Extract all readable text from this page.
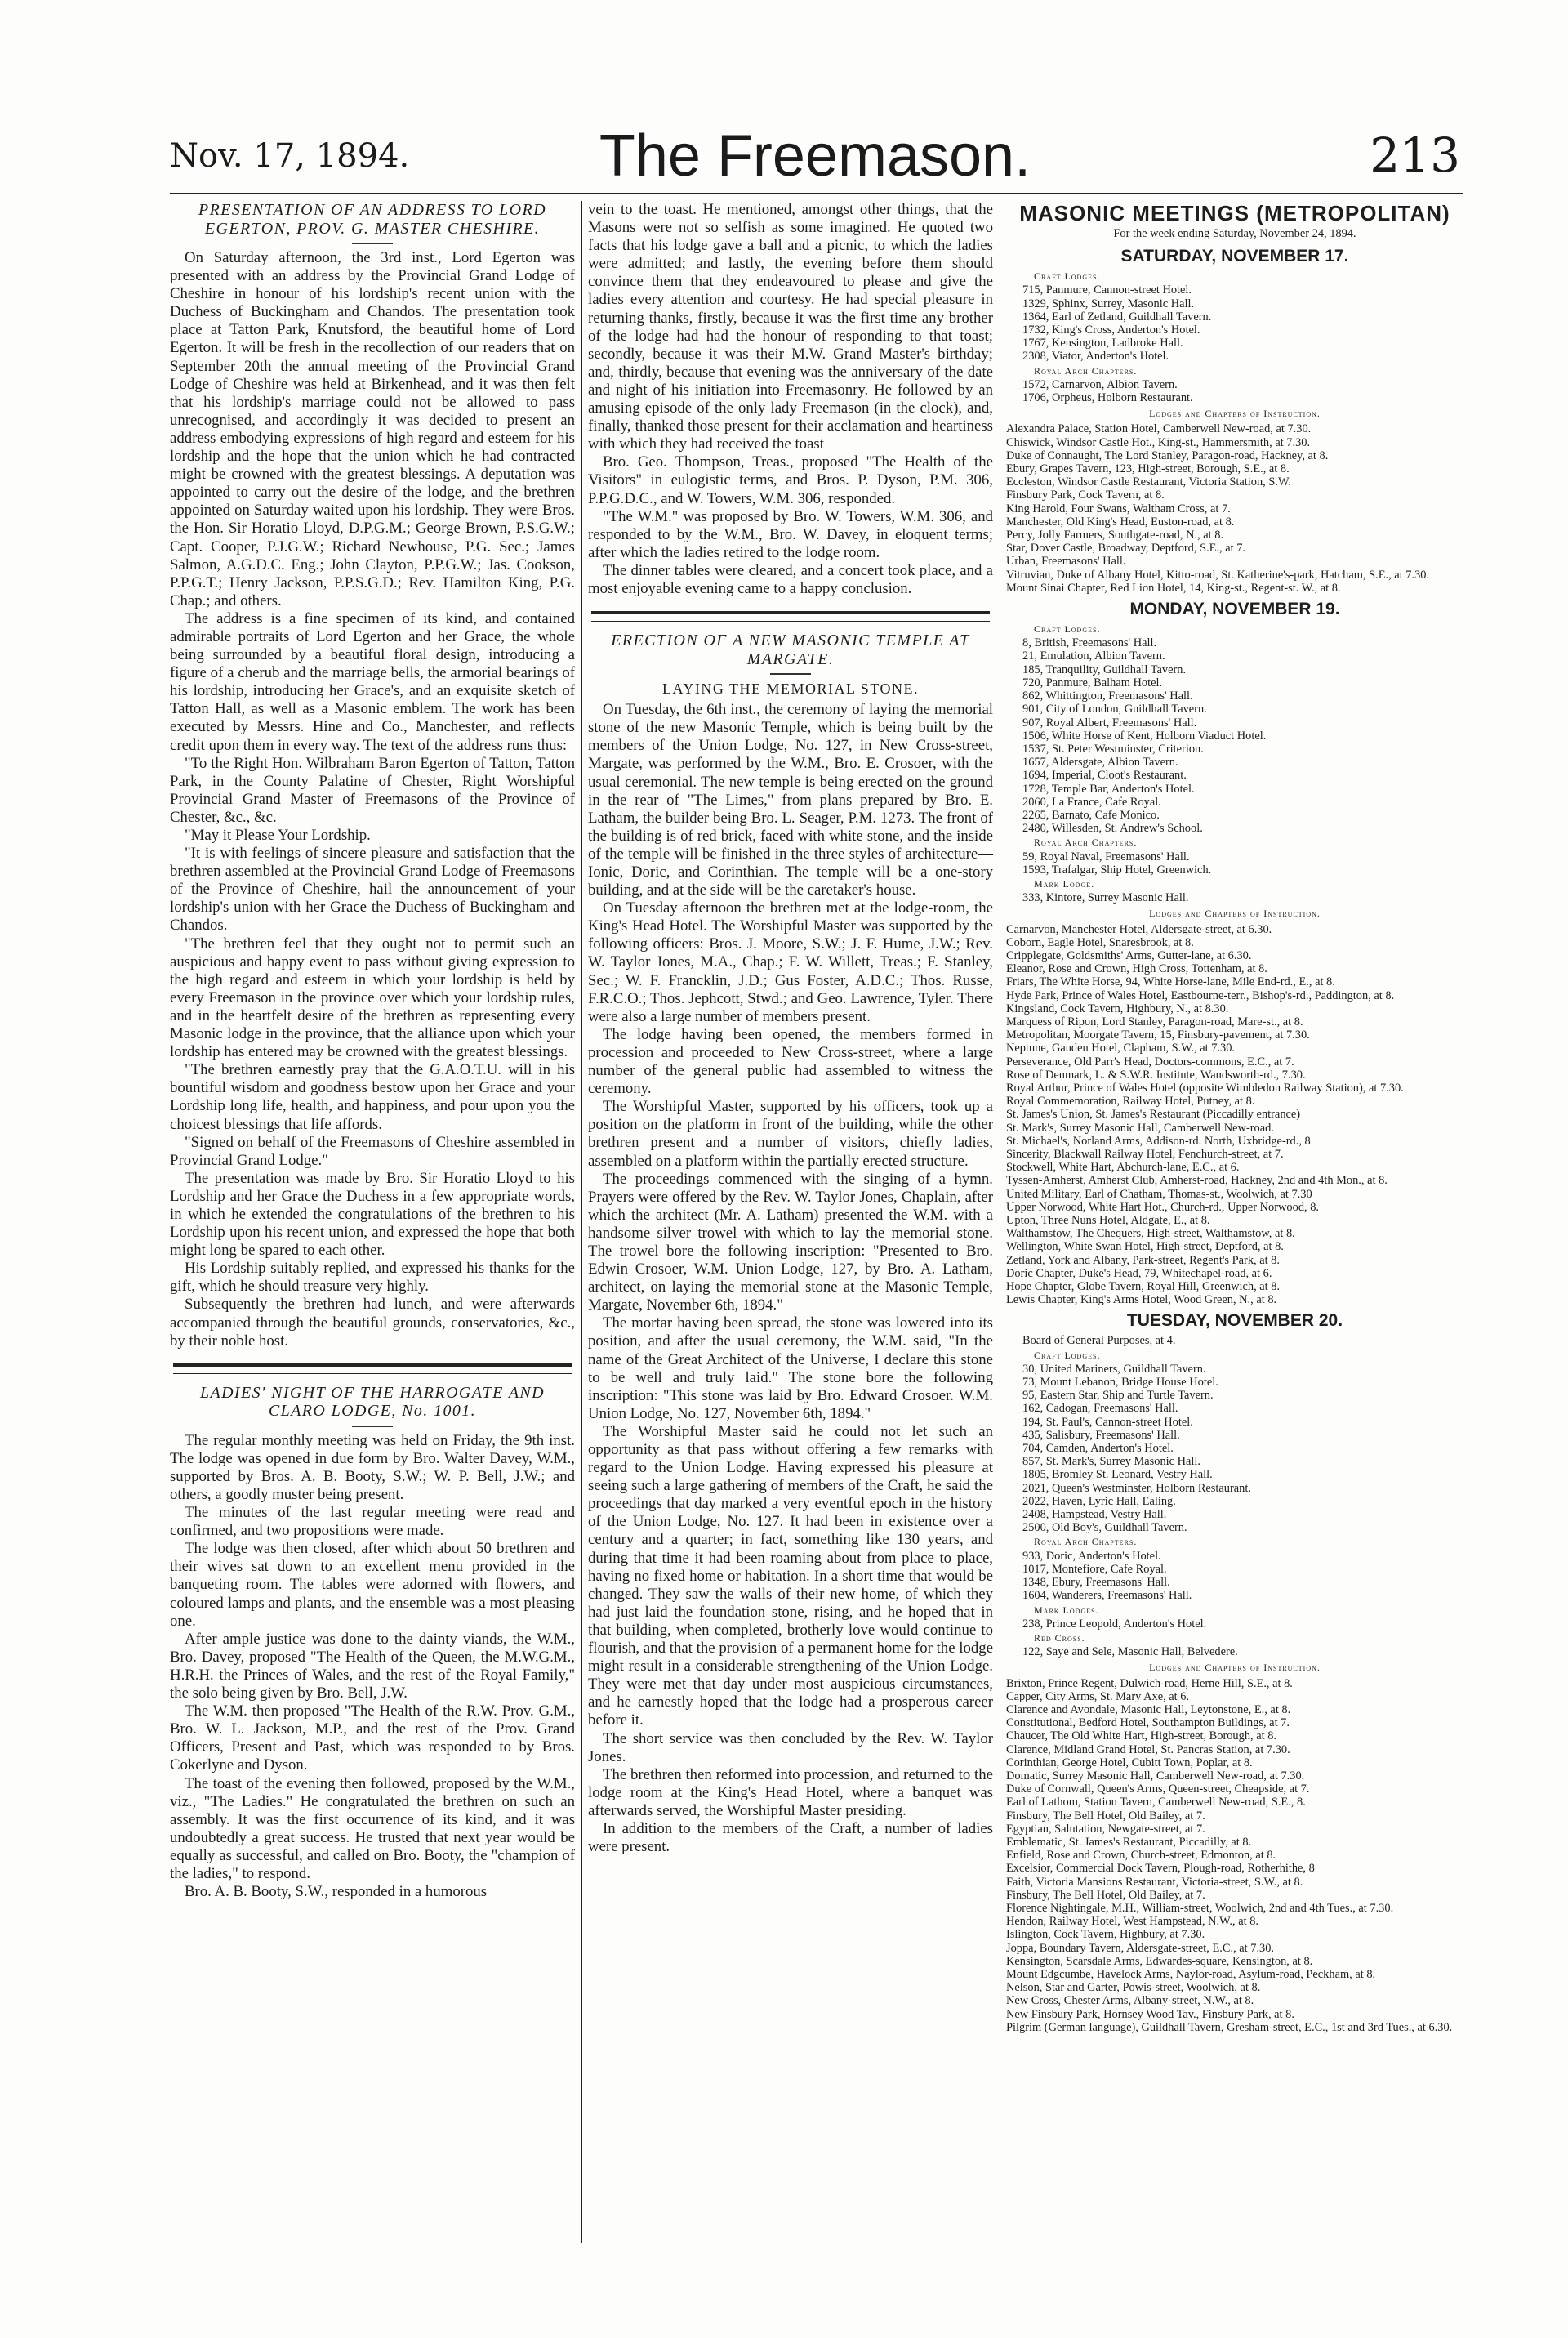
Nov. 17, 1894.	The Freemason.	213
PRESENTATION OF AN ADDRESS TO LORD EGERTON, PROV. G. MASTER CHESHIRE.

On Saturday afternoon, the 3rd inst., Lord Egerton was presented with an address by the Provincial Grand Lodge of Cheshire in honour of his lordship's recent union with the Duchess of Buckingham and Chandos. The presentation took place at Tatton Park, Knutsford, the beautiful home of Lord Egerton. It will be fresh in the recollection of our readers that on September 20th the annual meeting of the Provincial Grand Lodge of Cheshire was held at Birkenhead, and it was then felt that his lordship's marriage could not be allowed to pass unrecognised, and accordingly it was decided to present an address embodying expressions of high regard and esteem for his lordship and the hope that the union which he had contracted might be crowned with the greatest blessings. A deputation was appointed to carry out the desire of the lodge, and the brethren appointed on Saturday waited upon his lordship. They were Bros. the Hon. Sir Horatio Lloyd, D.P.G.M.; George Brown, P.S.G.W.; Capt. Cooper, P.J.G.W.; Richard Newhouse, P.G. Sec.; James Salmon, A.G.D.C. Eng.; John Clayton, P.P.G.W.; Jas. Cookson, P.P.G.T.; Henry Jackson, P.P.S.G.D.; Rev. Hamilton King, P.G. Chap.; and others.

The address is a fine specimen of its kind, and contained admirable portraits of Lord Egerton and her Grace, the whole being surrounded by a beautiful floral design, introducing a figure of a cherub and the marriage bells, the armorial bearings of his lordship, introducing her Grace's, and an exquisite sketch of Tatton Hall, as well as a Masonic emblem. The work has been executed by Messrs. Hine and Co., Manchester, and reflects credit upon them in every way. The text of the address runs thus:

"To the Right Hon. Wilbraham Baron Egerton of Tatton, Tatton Park, in the County Palatine of Chester, Right Worshipful Provincial Grand Master of Freemasons of the Province of Chester, &c., &c.

"May it Please Your Lordship.

"It is with feelings of sincere pleasure and satisfaction that the brethren assembled at the Provincial Grand Lodge of Freemasons of the Province of Cheshire, hail the announcement of your lordship's union with her Grace the Duchess of Buckingham and Chandos.

"The brethren feel that they ought not to permit such an auspicious and happy event to pass without giving expression to the high regard and esteem in which your lordship is held by every Freemason in the province over which your lordship rules, and in the heartfelt desire of the brethren as representing every Masonic lodge in the province, that the alliance upon which your lordship has entered may be crowned with the greatest blessings.

"The brethren earnestly pray that the G.A.O.T.U. will in his bountiful wisdom and goodness bestow upon her Grace and your Lordship long life, health, and happiness, and pour upon you the choicest blessings that life affords.

"Signed on behalf of the Freemasons of Cheshire assembled in Provincial Grand Lodge."

The presentation was made by Bro. Sir Horatio Lloyd to his Lordship and her Grace the Duchess in a few appropriate words, in which he extended the congratulations of the brethren to his Lordship upon his recent union, and expressed the hope that both might long be spared to each other.

His Lordship suitably replied, and expressed his thanks for the gift, which he should treasure very highly.

Subsequently the brethren had lunch, and were afterwards accompanied through the beautiful grounds, conservatories, &c., by their noble host.

LADIES' NIGHT OF THE HARROGATE AND CLARO LODGE, No. 1001.

The regular monthly meeting was held on Friday, the 9th inst. The lodge was opened in due form by Bro. Walter Davey, W.M., supported by Bros. A. B. Booty, S.W.; W. P. Bell, J.W.; and others, a goodly muster being present.

The minutes of the last regular meeting were read and confirmed, and two propositions were made.

The lodge was then closed, after which about 50 brethren and their wives sat down to an excellent menu provided in the banqueting room. The tables were adorned with flowers, and coloured lamps and plants, and the ensemble was a most pleasing one.

After ample justice was done to the dainty viands, the W.M., Bro. Davey, proposed "The Health of the Queen, the M.W.G.M., H.R.H. the Princes of Wales, and the rest of the Royal Family," the solo being given by Bro. Bell, J.W.

The W.M. then proposed "The Health of the R.W. Prov. G.M., Bro. W. L. Jackson, M.P., and the rest of the Prov. Grand Officers, Present and Past, which was responded to by Bros. Cokerlyne and Dyson.

The toast of the evening then followed, proposed by the W.M., viz., "The Ladies." He congratulated the brethren on such an assembly. It was the first occurrence of its kind, and it was undoubtedly a great success. He trusted that next year would be equally as successful, and called on Bro. Booty, the "champion of the ladies," to respond.

Bro. A. B. Booty, S.W., responded in a humorous

vein to the toast. He mentioned, amongst other things, that the Masons were not so selfish as some imagined. He quoted two facts that his lodge gave a ball and a picnic, to which the ladies were admitted; and lastly, the evening before them should convince them that they endeavoured to please and give the ladies every attention and courtesy. He had special pleasure in returning thanks, firstly, because it was the first time any brother of the lodge had had the honour of responding to that toast; secondly, because it was their M.W. Grand Master's birthday; and, thirdly, because that evening was the anniversary of the date and night of his initiation into Freemasonry. He followed by an amusing episode of the only lady Freemason (in the clock), and, finally, thanked those present for their acclamation and heartiness with which they had received the toast

Bro. Geo. Thompson, Treas., proposed "The Health of the Visitors" in eulogistic terms, and Bros. P. Dyson, P.M. 306, P.P.G.D.C., and W. Towers, W.M. 306, responded.

"The W.M." was proposed by Bro. W. Towers, W.M. 306, and responded to by the W.M., Bro. W. Davey, in eloquent terms; after which the ladies retired to the lodge room.

The dinner tables were cleared, and a concert took place, and a most enjoyable evening came to a happy conclusion.

ERECTION OF A NEW MASONIC TEMPLE AT MARGATE.
LAYING THE MEMORIAL STONE.

On Tuesday, the 6th inst., the ceremony of laying the memorial stone of the new Masonic Temple, which is being built by the members of the Union Lodge, No. 127, in New Cross-street, Margate, was performed by the W.M., Bro. E. Crosoer, with the usual ceremonial. The new temple is being erected on the ground in the rear of "The Limes," from plans prepared by Bro. E. Latham, the builder being Bro. L. Seager, P.M. 1273. The front of the building is of red brick, faced with white stone, and the inside of the temple will be finished in the three styles of architecture—Ionic, Doric, and Corinthian. The temple will be a one-story building, and at the side will be the caretaker's house.

On Tuesday afternoon the brethren met at the lodge-room, the King's Head Hotel. The Worshipful Master was supported by the following officers: Bros. J. Moore, S.W.; J. F. Hume, J.W.; Rev. W. Taylor Jones, M.A., Chap.; F. W. Willett, Treas.; F. Stanley, Sec.; W. F. Francklin, J.D.; Gus Foster, A.D.C.; Thos. Russe, F.R.C.O.; Thos. Jephcott, Stwd.; and Geo. Lawrence, Tyler. There were also a large number of members present.

The lodge having been opened, the members formed in procession and proceeded to New Cross-street, where a large number of the general public had assembled to witness the ceremony.

The Worshipful Master, supported by his officers, took up a position on the platform in front of the building, while the other brethren present and a number of visitors, chiefly ladies, assembled on a platform within the partially erected structure.

The proceedings commenced with the singing of a hymn. Prayers were offered by the Rev. W. Taylor Jones, Chaplain, after which the architect (Mr. A. Latham) presented the W.M. with a handsome silver trowel with which to lay the memorial stone. The trowel bore the following inscription: "Presented to Bro. Edwin Crosoer, W.M. Union Lodge, 127, by Bro. A. Latham, architect, on laying the memorial stone at the Masonic Temple, Margate, November 6th, 1894."

The mortar having been spread, the stone was lowered into its position, and after the usual ceremony, the W.M. said, "In the name of the Great Architect of the Universe, I declare this stone to be well and truly laid." The stone bore the following inscription: "This stone was laid by Bro. Edward Crosoer. W.M. Union Lodge, No. 127, November 6th, 1894."

The Worshipful Master said he could not let such an opportunity as that pass without offering a few remarks with regard to the Union Lodge. Having expressed his pleasure at seeing such a large gathering of members of the Craft, he said the proceedings that day marked a very eventful epoch in the history of the Union Lodge, No. 127. It had been in existence over a century and a quarter; in fact, something like 130 years, and during that time it had been roaming about from place to place, having no fixed home or habitation. In a short time that would be changed. They saw the walls of their new home, of which they had just laid the foundation stone, rising, and he hoped that in that building, when completed, brotherly love would continue to flourish, and that the provision of a permanent home for the lodge might result in a considerable strengthening of the Union Lodge. They were met that day under most auspicious circumstances, and he earnestly hoped that the lodge had a prosperous career before it.

The short service was then concluded by the Rev. W. Taylor Jones.

The brethren then reformed into procession, and returned to the lodge room at the King's Head Hotel, where a banquet was afterwards served, the Worshipful Master presiding.

In addition to the members of the Craft, a number of ladies were present.

MASONIC MEETINGS (METROPOLITAN)
For the week ending Saturday, November 24, 1894.
SATURDAY, NOVEMBER 17.
Craft Lodges.

715, Panmure, Cannon-street Hotel.

1329, Sphinx, Surrey, Masonic Hall.

1364, Earl of Zetland, Guildhall Tavern.

1732, King's Cross, Anderton's Hotel.

1767, Kensington, Ladbroke Hall.

2308, Viator, Anderton's Hotel.

Royal Arch Chapters.

1572, Carnarvon, Albion Tavern.

1706, Orpheus, Holborn Restaurant.

Lodges and Chapters of Instruction.

Alexandra Palace, Station Hotel, Camberwell New-road, at 7.30.

Chiswick, Windsor Castle Hot., King-st., Hammersmith, at 7.30.

Duke of Connaught, The Lord Stanley, Paragon-road, Hackney, at 8.

Ebury, Grapes Tavern, 123, High-street, Borough, S.E., at 8.

Eccleston, Windsor Castle Restaurant, Victoria Station, S.W.

Finsbury Park, Cock Tavern, at 8.

King Harold, Four Swans, Waltham Cross, at 7.

Manchester, Old King's Head, Euston-road, at 8.

Percy, Jolly Farmers, Southgate-road, N., at 8.

Star, Dover Castle, Broadway, Deptford, S.E., at 7.

Urban, Freemasons' Hall.

Vitruvian, Duke of Albany Hotel, Kitto-road, St. Katherine's-park, Hatcham, S.E., at 7.30.

Mount Sinai Chapter, Red Lion Hotel, 14, King-st., Regent-st. W., at 8.

MONDAY, NOVEMBER 19.
Craft Lodges.

8, British, Freemasons' Hall.

21, Emulation, Albion Tavern.

185, Tranquility, Guildhall Tavern.

720, Panmure, Balham Hotel.

862, Whittington, Freemasons' Hall.

901, City of London, Guildhall Tavern.

907, Royal Albert, Freemasons' Hall.

1506, White Horse of Kent, Holborn Viaduct Hotel.

1537, St. Peter Westminster, Criterion.

1657, Aldersgate, Albion Tavern.

1694, Imperial, Cloot's Restaurant.

1728, Temple Bar, Anderton's Hotel.

2060, La France, Cafe Royal.

2265, Barnato, Cafe Monico.

2480, Willesden, St. Andrew's School.

Royal Arch Chapters.

59, Royal Naval, Freemasons' Hall.

1593, Trafalgar, Ship Hotel, Greenwich.

Mark Lodge.

333, Kintore, Surrey Masonic Hall.

Lodges and Chapters of Instruction.

Carnarvon, Manchester Hotel, Aldersgate-street, at 6.30.

Coborn, Eagle Hotel, Snaresbrook, at 8.

Cripplegate, Goldsmiths' Arms, Gutter-lane, at 6.30.

Eleanor, Rose and Crown, High Cross, Tottenham, at 8.

Friars, The White Horse, 94, White Horse-lane, Mile End-rd., E., at 8.

Hyde Park, Prince of Wales Hotel, Eastbourne-terr., Bishop's-rd., Paddington, at 8.

Kingsland, Cock Tavern, Highbury, N., at 8.30.

Marquess of Ripon, Lord Stanley, Paragon-road, Mare-st., at 8.

Metropolitan, Moorgate Tavern, 15, Finsbury-pavement, at 7.30.

Neptune, Gauden Hotel, Clapham, S.W., at 7.30.

Perseverance, Old Parr's Head, Doctors-commons, E.C., at 7.

Rose of Denmark, L. & S.W.R. Institute, Wandsworth-rd., 7.30.

Royal Arthur, Prince of Wales Hotel (opposite Wimbledon Railway Station), at 7.30.

Royal Commemoration, Railway Hotel, Putney, at 8.

St. James's Union, St. James's Restaurant (Piccadilly entrance)

St. Mark's, Surrey Masonic Hall, Camberwell New-road.

St. Michael's, Norland Arms, Addison-rd. North, Uxbridge-rd., 8

Sincerity, Blackwall Railway Hotel, Fenchurch-street, at 7.

Stockwell, White Hart, Abchurch-lane, E.C., at 6.

Tyssen-Amherst, Amherst Club, Amherst-road, Hackney, 2nd and 4th Mon., at 8.

United Military, Earl of Chatham, Thomas-st., Woolwich, at 7.30

Upper Norwood, White Hart Hot., Church-rd., Upper Norwood, 8.

Upton, Three Nuns Hotel, Aldgate, E., at 8.

Walthamstow, The Chequers, High-street, Walthamstow, at 8.

Wellington, White Swan Hotel, High-street, Deptford, at 8.

Zetland, York and Albany, Park-street, Regent's Park, at 8.

Doric Chapter, Duke's Head, 79, Whitechapel-road, at 6.

Hope Chapter, Globe Tavern, Royal Hill, Greenwich, at 8.

Lewis Chapter, King's Arms Hotel, Wood Green, N., at 8.

TUESDAY, NOVEMBER 20.

Board of General Purposes, at 4.

Craft Lodges.

30, United Mariners, Guildhall Tavern.

73, Mount Lebanon, Bridge House Hotel.

95, Eastern Star, Ship and Turtle Tavern.

162, Cadogan, Freemasons' Hall.

194, St. Paul's, Cannon-street Hotel.

435, Salisbury, Freemasons' Hall.

704, Camden, Anderton's Hotel.

857, St. Mark's, Surrey Masonic Hall.

1805, Bromley St. Leonard, Vestry Hall.

2021, Queen's Westminster, Holborn Restaurant.

2022, Haven, Lyric Hall, Ealing.

2408, Hampstead, Vestry Hall.

2500, Old Boy's, Guildhall Tavern.

Royal Arch Chapters.

933, Doric, Anderton's Hotel.

1017, Montefiore, Cafe Royal.

1348, Ebury, Freemasons' Hall.

1604, Wanderers, Freemasons' Hall.

Mark Lodges.

238, Prince Leopold, Anderton's Hotel.

Red Cross.

122, Saye and Sele, Masonic Hall, Belvedere.

Lodges and Chapters of Instruction.

Brixton, Prince Regent, Dulwich-road, Herne Hill, S.E., at 8.

Capper, City Arms, St. Mary Axe, at 6.

Clarence and Avondale, Masonic Hall, Leytonstone, E., at 8.

Constitutional, Bedford Hotel, Southampton Buildings, at 7.

Chaucer, The Old White Hart, High-street, Borough, at 8.

Clarence, Midland Grand Hotel, St. Pancras Station, at 7.30.

Corinthian, George Hotel, Cubitt Town, Poplar, at 8.

Domatic, Surrey Masonic Hall, Camberwell New-road, at 7.30.

Duke of Cornwall, Queen's Arms, Queen-street, Cheapside, at 7.

Earl of Lathom, Station Tavern, Camberwell New-road, S.E., 8.

Finsbury, The Bell Hotel, Old Bailey, at 7.

Egyptian, Salutation, Newgate-street, at 7.

Emblematic, St. James's Restaurant, Piccadilly, at 8.

Enfield, Rose and Crown, Church-street, Edmonton, at 8.

Excelsior, Commercial Dock Tavern, Plough-road, Rotherhithe, 8

Faith, Victoria Mansions Restaurant, Victoria-street, S.W., at 8.

Finsbury, The Bell Hotel, Old Bailey, at 7.

Florence Nightingale, M.H., William-street, Woolwich, 2nd and 4th Tues., at 7.30.

Hendon, Railway Hotel, West Hampstead, N.W., at 8.

Islington, Cock Tavern, Highbury, at 7.30.

Joppa, Boundary Tavern, Aldersgate-street, E.C., at 7.30.

Kensington, Scarsdale Arms, Edwardes-square, Kensington, at 8.

Mount Edgcumbe, Havelock Arms, Naylor-road, Asylum-road, Peckham, at 8.

Nelson, Star and Garter, Powis-street, Woolwich, at 8.

New Cross, Chester Arms, Albany-street, N.W., at 8.

New Finsbury Park, Hornsey Wood Tav., Finsbury Park, at 8.

Pilgrim (German language), Guildhall Tavern, Gresham-street, E.C., 1st and 3rd Tues., at 6.30.
